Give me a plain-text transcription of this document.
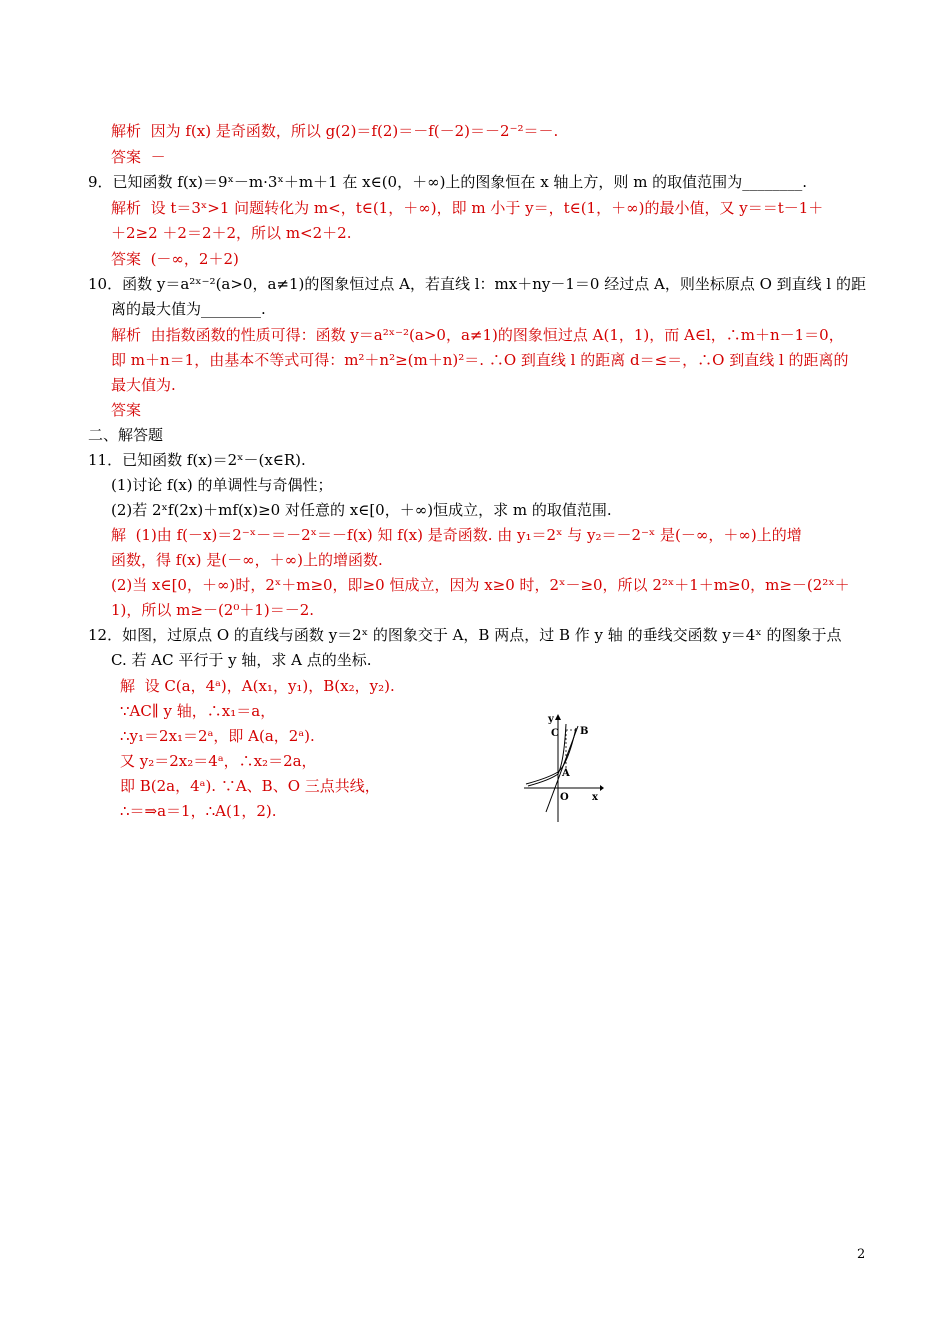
解析 因为 f(x) 是奇函数，所以 g(2)＝f(2)＝－f(－2)＝－2⁻²＝－.
答案 －
9．已知函数 f(x)＝9ˣ－m·3ˣ＋m＋1 在 x∈(0，＋∞)上的图象恒在 x 轴上方，则 m 的取值范围为________.
解析 设 t＝3ˣ>1 问题转化为 m<，t∈(1，＋∞)，即 m 小于 y＝，t∈(1，＋∞)的最小值，又 y＝＝t－1＋
＋2≥2 ＋2＝2＋2，所以 m<2＋2.
答案 (－∞，2＋2)
10．函数 y＝a²ˣ⁻²(a>0，a≠1)的图象恒过点 A，若直线 l：mx＋ny－1＝0 经过点 A，则坐标原点 O 到直线 l 的距
离的最大值为________.
解析 由指数函数的性质可得：函数 y＝a²ˣ⁻²(a>0，a≠1)的图象恒过点 A(1，1)，而 A∈l，∴m＋n－1＝0，
即 m＋n＝1，由基本不等式可得：m²＋n²≥(m＋n)²＝. ∴O 到直线 l 的距离 d＝≤＝，∴O 到直线 l 的距离的
最大值为.
答案
二、解答题
11．已知函数 f(x)＝2ˣ－(x∈R).
(1)讨论 f(x) 的单调性与奇偶性；
(2)若 2ˣf(2x)＋mf(x)≥0 对任意的 x∈[0，＋∞)恒成立，求 m 的取值范围.
解 (1)由 f(－x)＝2⁻ˣ－＝－2ˣ＝－f(x) 知 f(x) 是奇函数. 由 y₁＝2ˣ 与 y₂＝－2⁻ˣ 是(－∞，＋∞)上的增
函数，得 f(x) 是(－∞，＋∞)上的增函数.
(2)当 x∈[0，＋∞)时，2ˣ＋m≥0，即≥0 恒成立，因为 x≥0 时，2ˣ－≥0，所以 2²ˣ＋1＋m≥0，m≥－(2²ˣ＋
1)，所以 m≥－(2⁰＋1)＝－2.
12．如图，过原点 O 的直线与函数 y＝2ˣ 的图象交于 A，B 两点，过 B 作 y 轴 的垂线交函数 y＝4ˣ 的图象于点
C. 若 AC 平行于 y 轴，求 A 点的坐标.
解 设 C(a，4ᵃ)，A(x₁，y₁)，B(x₂，y₂).
∵AC∥ y 轴，∴x₁＝a，
∴y₁＝2x₁＝2ᵃ，即 A(a，2ᵃ).
又 y₂＝2x₂＝4ᵃ，∴x₂＝2a，
即 B(2a，4ᵃ). ∵A、B、O 三点共线，
∴＝⇒a＝1，∴A(1，2).
y
x
O
A
B
C
2
